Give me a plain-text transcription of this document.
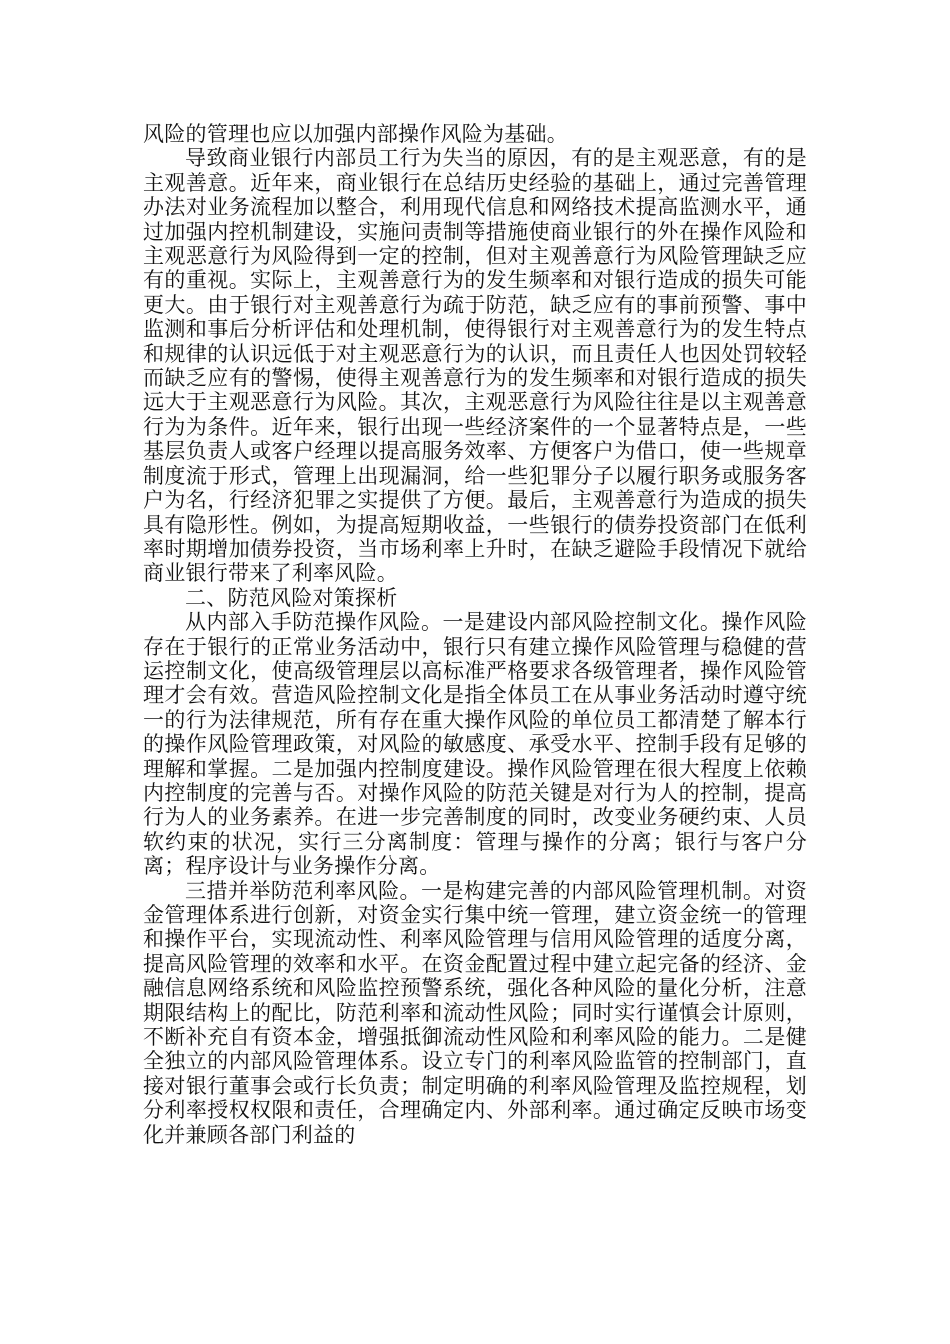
风险的管理也应以加强内部操作风险为基础。

导致商业银行内部员工行为失当的原因，有的是主观恶意，有的是主观善意。近年来，商业银行在总结历史经验的基础上，通过完善管理办法对业务流程加以整合，利用现代信息和网络技术提高监测水平，通过加强内控机制建设，实施问责制等措施使商业银行的外在操作风险和主观恶意行为风险得到一定的控制，但对主观善意行为风险管理缺乏应有的重视。实际上，主观善意行为的发生频率和对银行造成的损失可能更大。由于银行对主观善意行为疏于防范，缺乏应有的事前预警、事中监测和事后分析评估和处理机制，使得银行对主观善意行为的发生特点和规律的认识远低于对主观恶意行为的认识，而且责任人也因处罚较轻而缺乏应有的警惕，使得主观善意行为的发生频率和对银行造成的损失远大于主观恶意行为风险。其次，主观恶意行为风险往往是以主观善意行为为条件。近年来，银行出现一些经济案件的一个显著特点是，一些基层负责人或客户经理以提高服务效率、方便客户为借口，使一些规章制度流于形式，管理上出现漏洞，给一些犯罪分子以履行职务或服务客户为名，行经济犯罪之实提供了方便。最后，主观善意行为造成的损失具有隐形性。例如，为提高短期收益，一些银行的债券投资部门在低利率时期增加债券投资，当市场利率上升时，在缺乏避险手段情况下就给商业银行带来了利率风险。

二、防范风险对策探析

从内部入手防范操作风险。一是建设内部风险控制文化。操作风险存在于银行的正常业务活动中，银行只有建立操作风险管理与稳健的营运控制文化，使高级管理层以高标准严格要求各级管理者，操作风险管理才会有效。营造风险控制文化是指全体员工在从事业务活动时遵守统一的行为法律规范，所有存在重大操作风险的单位员工都清楚了解本行的操作风险管理政策，对风险的敏感度、承受水平、控制手段有足够的理解和掌握。二是加强内控制度建设。操作风险管理在很大程度上依赖内控制度的完善与否。对操作风险的防范关键是对行为人的控制，提高行为人的业务素养。在进一步完善制度的同时，改变业务硬约束、人员软约束的状况，实行三分离制度：管理与操作的分离；银行与客户分离；程序设计与业务操作分离。

三措并举防范利率风险。一是构建完善的内部风险管理机制。对资金管理体系进行创新，对资金实行集中统一管理，建立资金统一的管理和操作平台，实现流动性、利率风险管理与信用风险管理的适度分离，提高风险管理的效率和水平。在资金配置过程中建立起完备的经济、金融信息网络系统和风险监控预警系统，强化各种风险的量化分析，注意期限结构上的配比，防范利率和流动性风险；同时实行谨慎会计原则，不断补充自有资本金，增强抵御流动性风险和利率风险的能力。二是健全独立的内部风险管理体系。设立专门的利率风险监管的控制部门，直接对银行董事会或行长负责；制定明确的利率风险管理及监控规程，划分利率授权权限和责任，合理确定内、外部利率。通过确定反映市场变化并兼顾各部门利益的
